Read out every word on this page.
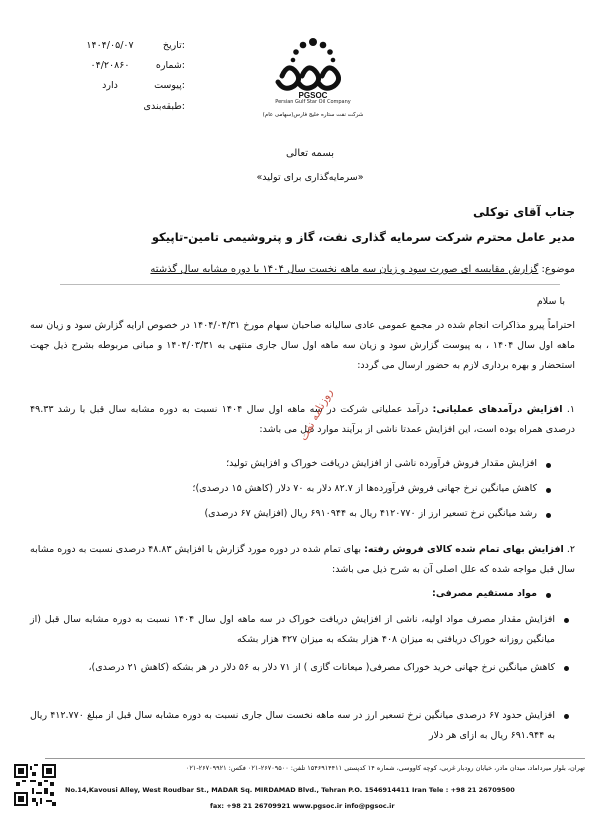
تاریخ:
۱۴۰۴/۰۵/۰۷
شماره:
۰۴/۲۰۸۶۰
پیوست:
دارد
طبقه‌بندی:
PGSOC
Persian Gulf Star Oil Company
شرکت نفت ستاره خلیج فارس(سهامی عام)
بسمه تعالی
«سرمایه‌گذاری برای تولید»
جناب آقای توکلی
مدیر عامل محترم شرکت سرمایه گذاری نفت، گاز و پتروشیمی تامین-تاپیکو
موضوع: گزارش مقایسه ای صورت سود و زیان سه ماهه نخست سال ۱۴۰۴ با دوره مشابه سال گذشته
با سلام
احتراماً پیرو مذاکرات انجام شده در مجمع عمومی عادی سالیانه صاحبان سهام مورخ ۱۴۰۴/۰۴/۳۱ در خصوص ارایه گزارش سود و زیان سه ماهه اول سال ۱۴۰۴ ، به پیوست گزارش سود و زیان سه ماهه اول سال جاری منتهی به ۱۴۰۴/۰۳/۳۱ و مبانی مربوطه بشرح ذیل جهت استحضار و بهره برداری لازم به حضور ارسال می گردد:
۱. افزایش درآمدهای عملیاتی: درآمد عملیاتی شرکت در سه ماهه اول سال ۱۴۰۴ نسبت به دوره مشابه سال قبل با رشد ۴۹.۳۳ درصدی همراه بوده است، این افزایش عمدتا ناشی از برآیند موارد ذیل می باشد:
افزایش مقدار فروش فرآورده ناشی از افزایش دریافت خوراک و افزایش تولید؛
کاهش میانگین نرخ جهانی فروش فرآورده‌ها از ۸۲.۷ دلار به ۷۰ دلار (کاهش ۱۵ درصدی)؛
رشد میانگین نرخ تسعیر ارز از ۴۱۲۰۷۷۰ ریال به ۶۹۱۰۹۴۴ ریال (افزایش ۶۷ درصدی)
روزنامه نفت
۲. افزایش بهای تمام شده کالای فروش رفته: بهای تمام شده در دوره مورد گزارش با افزایش ۴۸.۸۳ درصدی نسبت به دوره مشابه سال قبل مواجه شده که علل اصلی آن به شرح ذیل می باشد:
مواد مستقیم مصرفی:
افزایش مقدار مصرف مواد اولیه، ناشی از افزایش دریافت خوراک در سه ماهه اول سال ۱۴۰۴ نسبت به دوره مشابه سال قبل (از میانگین روزانه خوراک دریافتی به میزان ۴۰۸ هزار بشکه به میزان ۴۲۷ هزار بشکه
کاهش میانگین نرخ جهانی خرید خوراک مصرفی( میعانات گازی ) از ۷۱ دلار به ۵۶ دلار در هر بشکه (کاهش ۲۱ درصدی)،
افزایش حدود ۶۷ درصدی میانگین نرخ تسعیر ارز در سه ماهه نخست سال جاری نسبت به دوره مشابه سال قبل از مبلغ ۴۱۲.۷۷۰ ریال به ۶۹۱.۹۴۴ ریال به ازای هر دلار
تهران، بلوار میرداماد، میدان مادر، خیابان رودبار غربی، کوچه کاووسی، شماره ۱۴ کدپستی ۱۵۴۶۹۱۴۴۱۱ تلفن: ۲۶۷۰۹۵۰۰-۰۲۱ فکس: ۲۶۷۰۹۹۲۱-۰۲۱
No.14,Kavousi Alley, West Roudbar St., MADAR Sq. MIRDAMAD Blvd., Tehran P.O. 1546914411 Iran Tele : +98 21 26709500
fax: +98 21 26709921 www.pgsoc.ir info@pgsoc.ir
